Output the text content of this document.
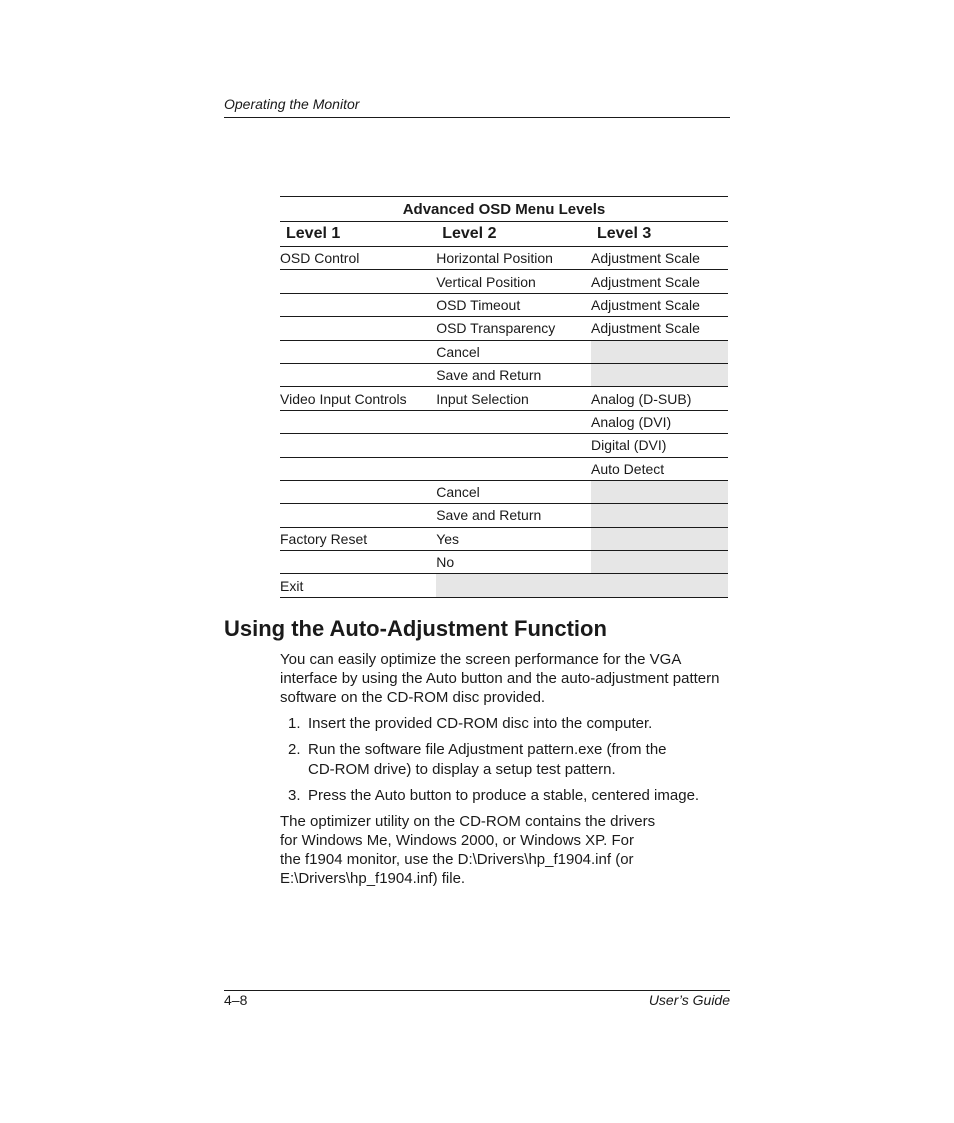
Operating the Monitor
Advanced OSD Menu Levels		
Level 1	Level 2	Level 3
OSD Control	Horizontal Position	Adjustment Scale
	Vertical Position	Adjustment Scale
	OSD Timeout	Adjustment Scale
	OSD Transparency	Adjustment Scale
	Cancel	
	Save and Return	
Video Input Controls	Input Selection	Analog (D-SUB)
		Analog (DVI)
		Digital (DVI)
		Auto Detect
	Cancel	
	Save and Return	
Factory Reset	Yes	
	No	
Exit		
Using the Auto-Adjustment Function

You can easily optimize the screen performance for the VGA
interface by using the Auto button and the auto-adjustment pattern
software on the CD-ROM disc provided.

1. Insert the provided CD-ROM disc into the computer.
2. Run the software file Adjustment pattern.exe (from the
CD-ROM drive) to display a setup test pattern.
3. Press the Auto button to produce a stable, centered image.

The optimizer utility on the CD-ROM contains the drivers
for Windows Me, Windows 2000, or Windows XP. For
the f1904 monitor, use the D:\Drivers\hp_f1904.inf (or
E:\Drivers\hp_f1904.inf) file.

4–8	User’s Guide
